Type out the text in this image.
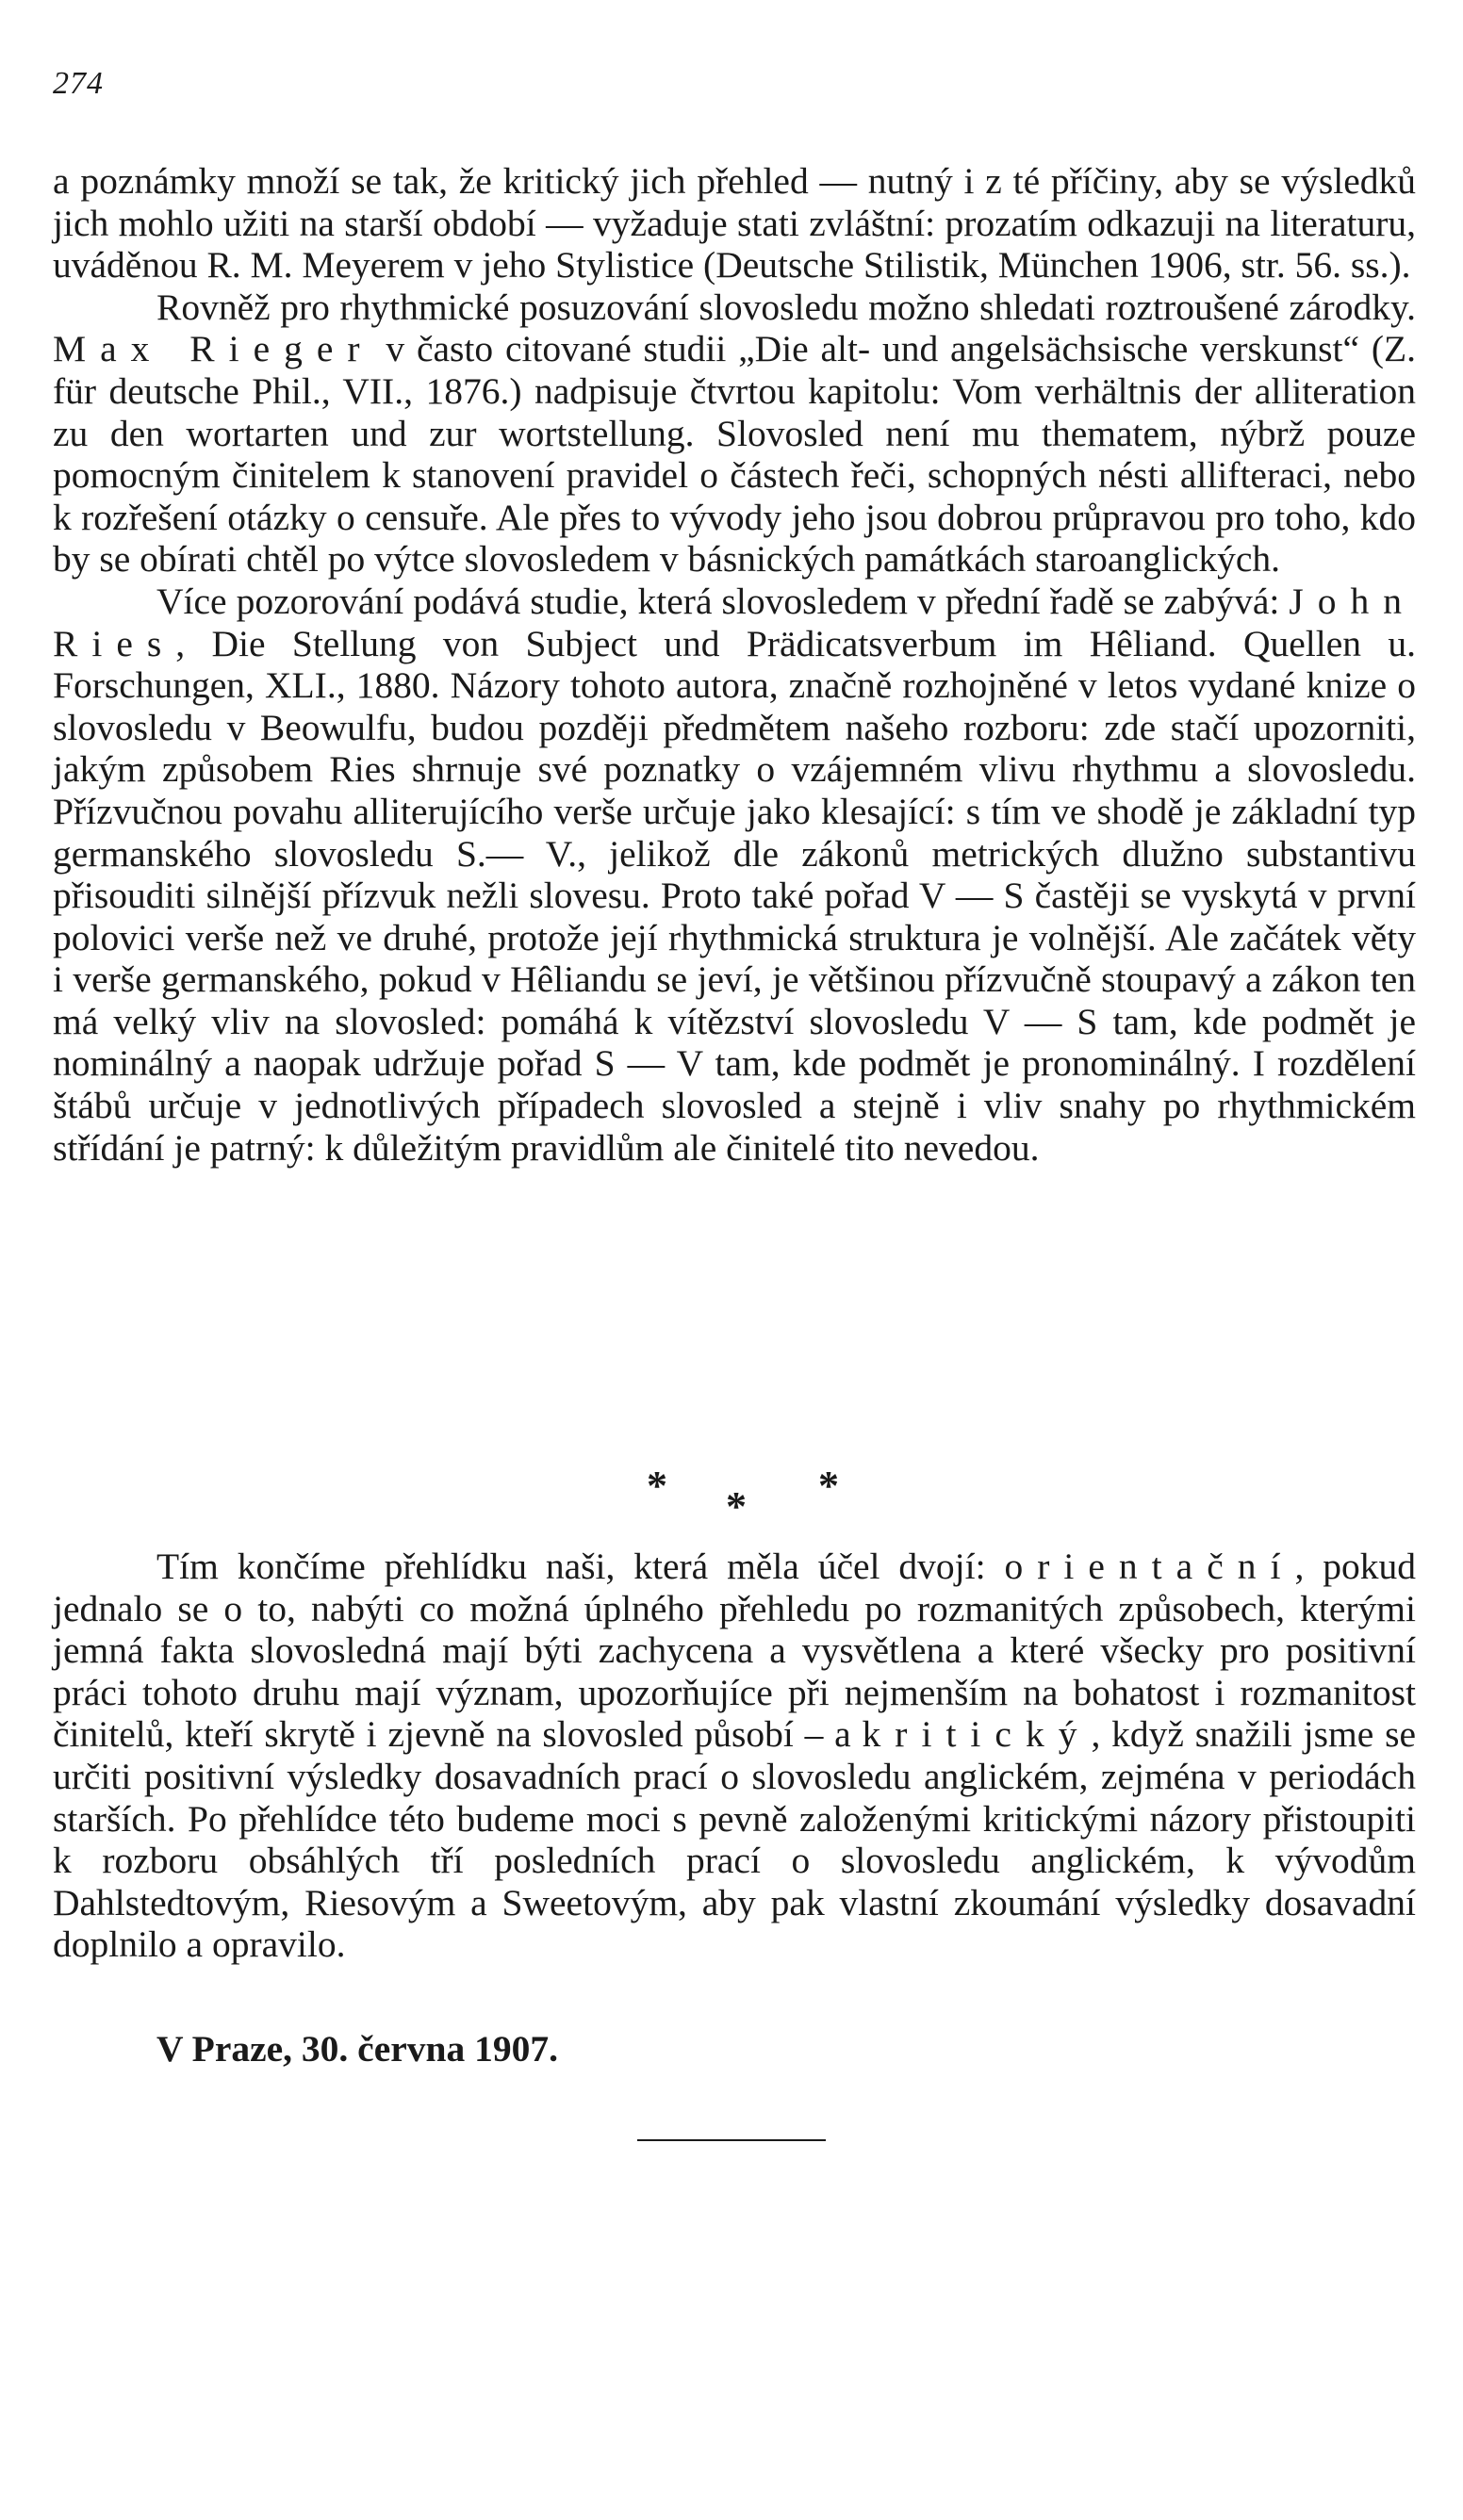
274

a poznámky množí se tak, že kritický jich přehled — nutný i z té příčiny, aby se výsledků jich mohlo užiti na starší období — vyžaduje stati zvláštní: prozatím odkazuji na literaturu, uváděnou R. M. Meyerem v jeho Stylistice (Deutsche Stilistik, München 1906, str. 56. ss.).

Rovněž pro rhythmické posuzování slovosledu možno shledati roztroušené zárodky. Max Rieger v často citované studii „Die alt- und angelsächsische verskunst“ (Z. für deutsche Phil., VII., 1876.) nadpisuje čtvrtou kapitolu: Vom verhältnis der alliteration zu den wortarten und zur wortstellung. Slovosled není mu thematem, nýbrž pouze pomocným činitelem k stanovení pravidel o částech řeči, schopných nésti allifteraci, nebo k rozřešení otázky o censuře. Ale přes to vývody jeho jsou dobrou průpravou pro toho, kdo by se obírati chtěl po výtce slovosledem v básnických památkách staroanglických.

Více pozorování podává studie, která slovosledem v přední řadě se zabývá: John Ries, Die Stellung von Subject und Prädicatsverbum im Hêliand. Quellen u. Forschungen, XLI., 1880. Názory tohoto autora, značně rozhojněné v letos vydané knize o slovosledu v Beowulfu, budou později předmětem našeho rozboru: zde stačí upozorniti, jakým způsobem Ries shrnuje své poznatky o vzájemném vlivu rhythmu a slovosledu. Přízvučnou povahu alliterujícího verše určuje jako klesající: s tím ve shodě je základní typ germanského slovosledu S.— V., jelikož dle zákonů metrických dlužno substantivu přisouditi silnější přízvuk nežli slovesu. Proto také pořad V — S častěji se vyskytá v první polovici verše než ve druhé, protože její rhythmická struktura je volnější. Ale začátek věty i verše germanského, pokud v Hêliandu se jeví, je většinou přízvučně stoupavý a zákon ten má velký vliv na slovosled: pomáhá k vítězství slovosledu V — S tam, kde podmět je nominálný a naopak udržuje pořad S — V tam, kde podmět je pronominálný. I rozdělení štábů určuje v jednotlivých případech slovosled a stejně i vliv snahy po rhythmickém střídání je patrný: k důležitým pravidlům ale činitelé tito nevedou.

* * *

Tím končíme přehlídku naši, která měla účel dvojí: orientační, pokud jednalo se o to, nabýti co možná úplného přehledu po rozmanitých způsobech, kterými jemná fakta slovosledná mají býti zachycena a vysvětlena a které všecky pro positivní práci tohoto druhu mají význam, upozorňujíce při nejmenším na bohatost i rozmanitost činitelů, kteří skrytě i zjevně na slovosled působí – a kritický, když snažili jsme se určiti positivní výsledky dosavadních prací o slovosledu anglickém, zejména v periodách starších. Po přehlídce této budeme moci s pevně založenými kritickými názory přistoupiti k rozboru obsáhlých tří posledních prací o slovosledu anglickém, k vývodům Dahlstedtovým, Riesovým a Sweetovým, aby pak vlastní zkoumání výsledky dosavadní doplnilo a opravilo.

V Praze, 30. června 1907.
